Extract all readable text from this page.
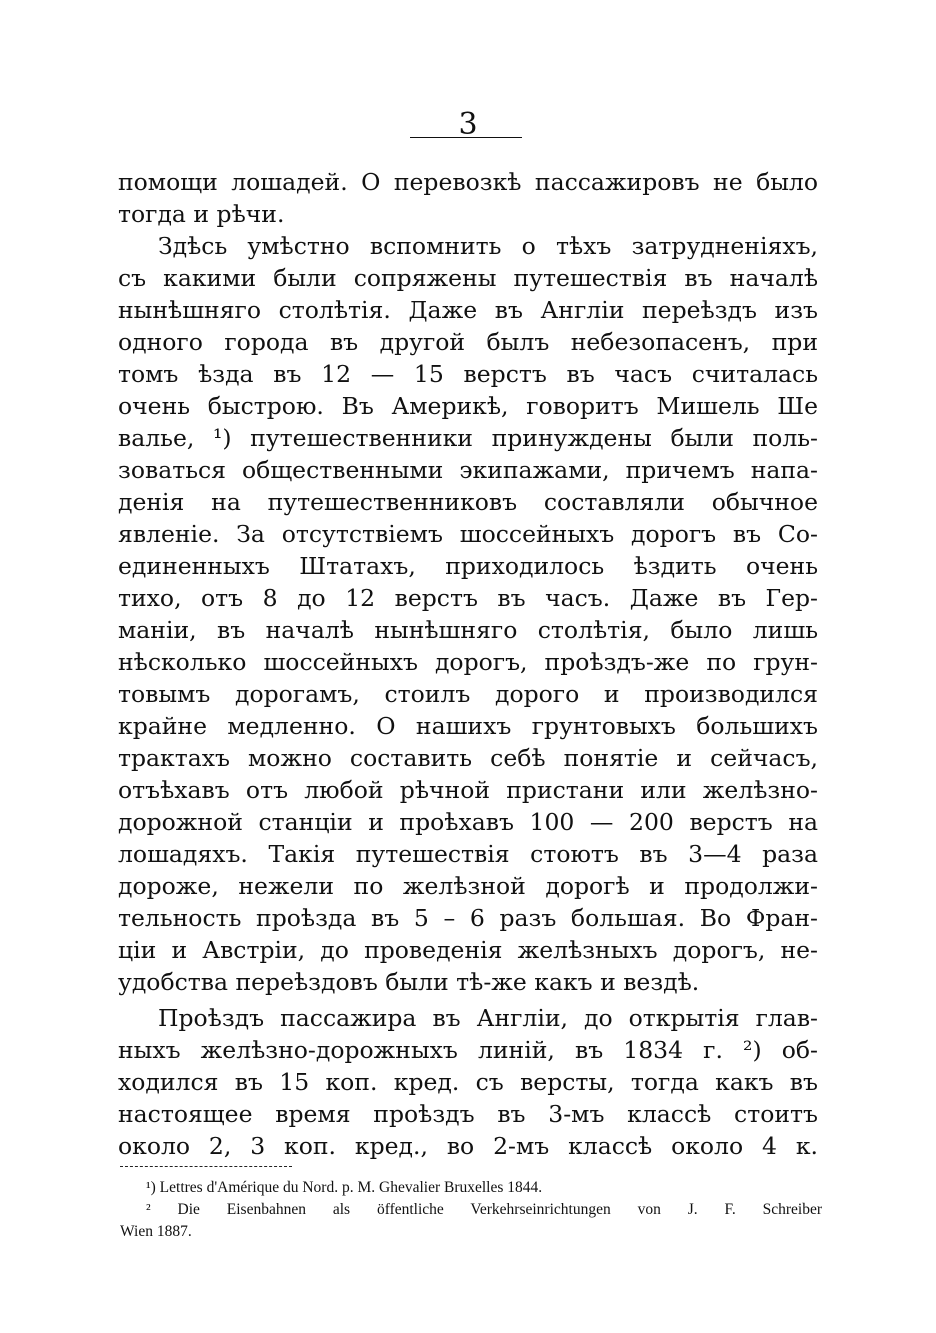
3
помощи лошадей. О перевозкѣ пассажировъ не было
тогда и рѣчи.
Здѣсь умѣстно вспомнить о тѣхъ затрудненіяхъ,
съ какими были сопряжены путешествія въ началѣ
нынѣшняго столѣтія. Даже въ Англіи переѣздъ изъ
одного города въ другой былъ небезопасенъ, при
томъ ѣзда въ 12 — 15 верстъ въ часъ считалась
очень быстрою. Въ Америкѣ, говоритъ Мишель Ше
валье, ¹) путешественники принуждены были поль-
зоваться общественными экипажами, причемъ напа-
денія на путешественниковъ составляли обычное
явленіе. За отсутствіемъ шоссейныхъ дорогъ въ Со-
единенныхъ Штатахъ, приходилось ѣздить очень
тихо, отъ 8 до 12 верстъ въ часъ. Даже въ Гер-
маніи, въ началѣ нынѣшняго столѣтія, было лишь
нѣсколько шоссейныхъ дорогъ, проѣздъ-же по грун-
товымъ дорогамъ, стоилъ дорого и производился
крайне медленно. О нашихъ грунтовыхъ большихъ
трактахъ можно составить себѣ понятіе и сейчасъ,
отъѣхавъ отъ любой рѣчной пристани или желѣзно-
дорожной станціи и проѣхавъ 100 — 200 верстъ на
лошадяхъ. Такія путешествія стоютъ въ 3—4 раза
дороже, нежели по желѣзной дорогѣ и продолжи-
тельность проѣзда въ 5 – 6 разъ большая. Во Фран-
ціи и Австріи, до проведенія желѣзныхъ дорогъ, не-
удобства переѣздовъ были тѣ-же какъ и вездѣ.
Проѣздъ пассажира въ Англіи, до открытія глав-
ныхъ желѣзно-дорожныхъ линій, въ 1834 г. ²) об-
ходился въ 15 коп. кред. съ версты, тогда какъ въ
настоящее время проѣздъ въ 3-мъ классѣ стоитъ
около 2, 3 коп. кред., во 2-мъ классѣ около 4 к.
¹) Lettres d'Amérique du Nord. p. M. Ghevalier Bruxelles 1844.
² Die Eisenbahnen als öffentliche Verkehrseinrichtungen von J. F. Schreiber
Wien 1887.
